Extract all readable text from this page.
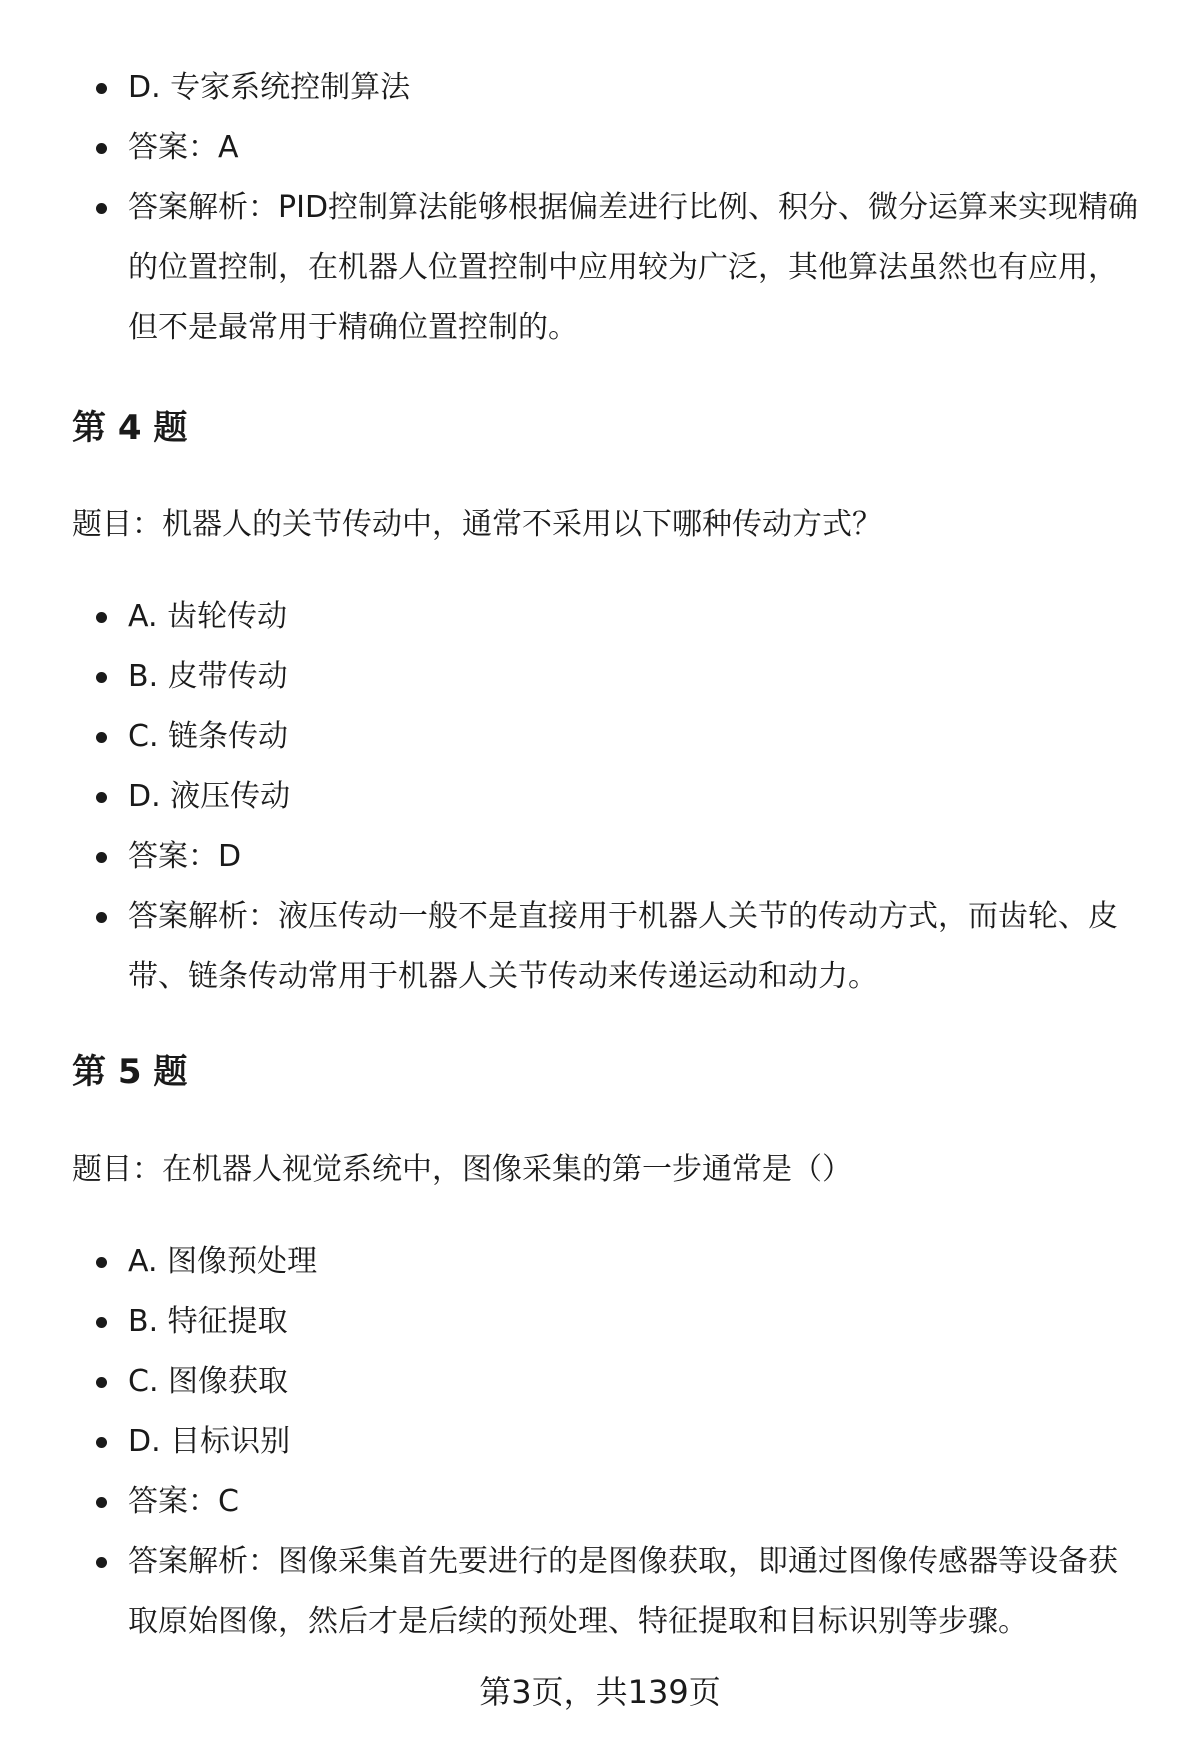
D. 专家系统控制算法
答案：A
答案解析：PID控制算法能够根据偏差进行比例、积分、微分运算来实现精确的位置控制，在机器人位置控制中应用较为广泛，其他算法虽然也有应用，但不是最常用于精确位置控制的。
第 4 题

题目：机器人的关节传动中，通常不采用以下哪种传动方式？

A. 齿轮传动
B. 皮带传动
C. 链条传动
D. 液压传动
答案：D
答案解析：液压传动一般不是直接用于机器人关节的传动方式，而齿轮、皮带、链条传动常用于机器人关节传动来传递运动和动力。
第 5 题

题目：在机器人视觉系统中，图像采集的第一步通常是（）

A. 图像预处理
B. 特征提取
C. 图像获取
D. 目标识别
答案：C
答案解析：图像采集首先要进行的是图像获取，即通过图像传感器等设备获取原始图像，然后才是后续的预处理、特征提取和目标识别等步骤。
第3页，共139页
